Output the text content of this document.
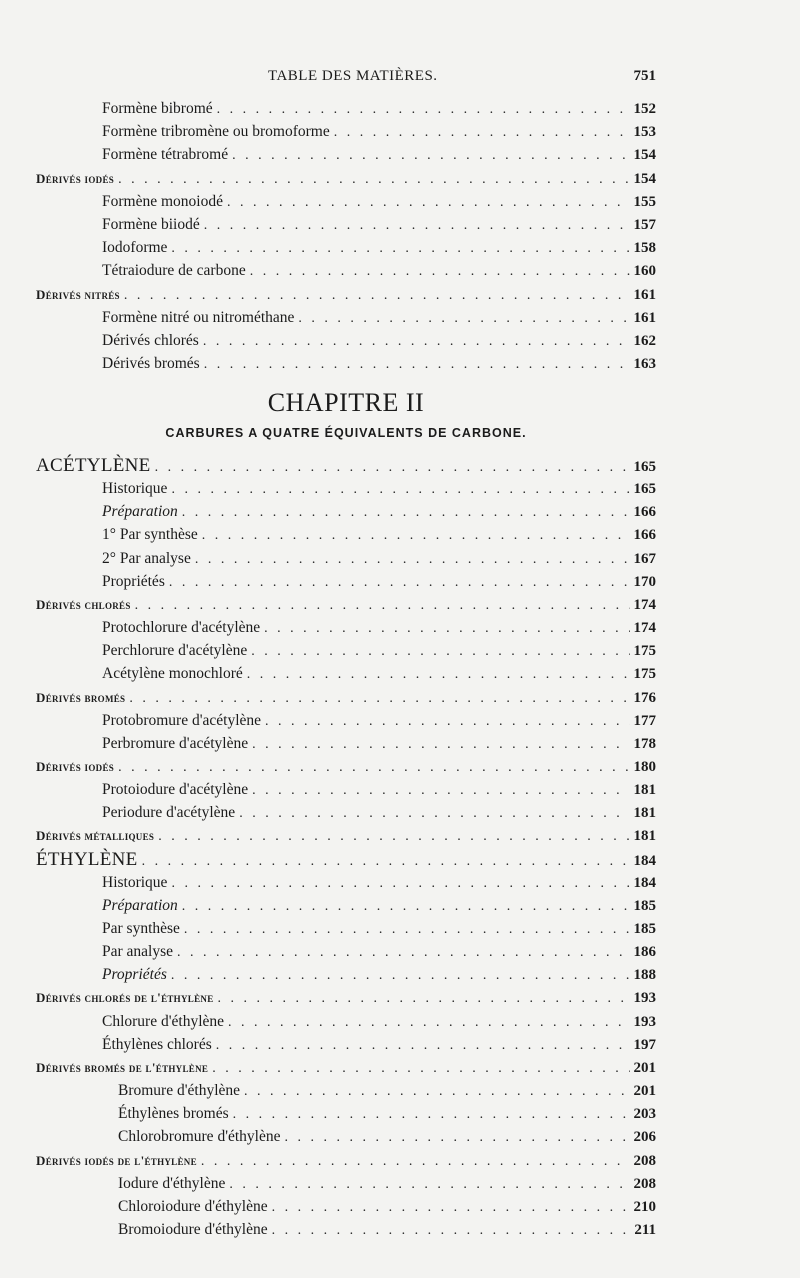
TABLE DES MATIÈRES.	751
CHAPITRE II
CARBURES A QUATRE ÉQUIVALENTS DE CARBONE.
Formène bibromé . . .	152
Formène tribromène ou bromoforme . . .	153
Formène tétrabromé . . .	154
Dérivés iodés . . .	154
Formène monoiodé . . .	155
Formène biiodé . . .	157
Iodoforme . . .	158
Tétraiodure de carbone . . .	160
Dérivés nitrés . . .	161
Formène nitré ou nitrométhane . . .	161
Dérivés chlorés . . .	162
Dérivés bromés . . .	163
ACÉTYLÈNE . . .	165
Historique . . .	165
Préparation . . .	166
1° Par synthèse . . .	166
2° Par analyse . . .	167
Propriétés . . .	170
Dérivés chlorés . . .	174
Protochlorure d'acétylène . . .	174
Perchlorure d'acétylène . . .	175
Acétylène monochloré . . .	175
Dérivés bromés . . .	176
Protobromure d'acétylène . . .	177
Perbromure d'acétylène . . .	178
Dérivés iodés . . .	180
Protoiodure d'acétylène . . .	181
Periodure d'acétylène . . .	181
Dérivés métalliques . . .	181
ÉTHYLÈNE . . .	184
Historique . . .	184
Préparation . . .	185
Par synthèse . . .	185
Par analyse . . .	186
Propriétés . . .	188
Dérivés chlorés de l'éthylène . . .	193
Chlorure d'éthylène . . .	193
Éthylènes chlorés . . .	197
Dérivés bromés de l'éthylène . . .	201
Bromure d'éthylène . . .	201
Éthylènes bromés . . .	203
Chlorobromure d'éthylène . . .	206
Dérivés iodés de l'éthylène . . .	208
Iodure d'éthylène . . .	208
Chloroiodure d'éthylène . . .	210
Bromoiodure d'éthylène . . .	211
